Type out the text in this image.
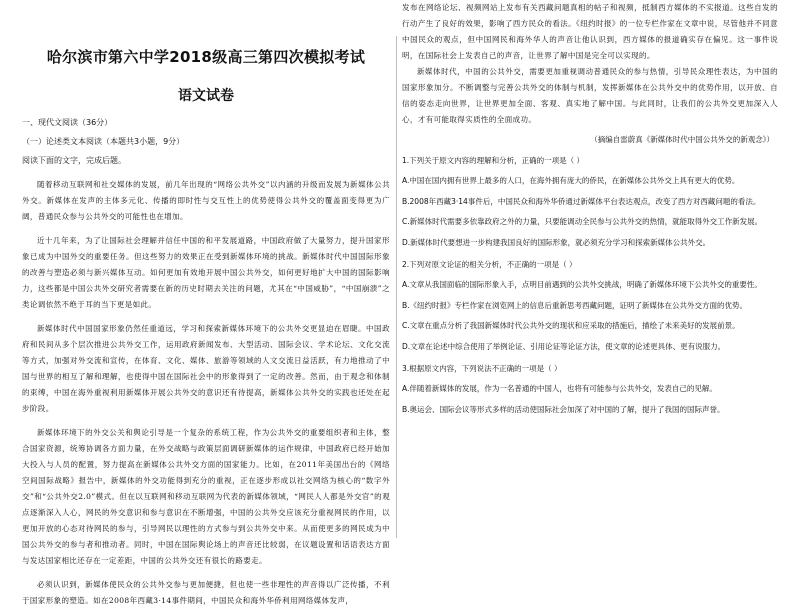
哈尔滨市第六中学2018级高三第四次模拟考试
语文试卷
一、现代文阅读（36分）
（一）论述类文本阅读（本题共3小题，9分）
阅读下面的文字，完成后题。

随着移动互联网和社交媒体的发展，前几年出现的“网络公共外交”以内涵的升级而发展为新媒体公共外交。新媒体在发声的主体多元化、传播的即时性与交互性上的优势使得公共外交的覆盖面变得更为广阔，普通民众参与公共外交的可能性也在增加。

近十几年来，为了让国际社会理解并信任中国的和平发展道路，中国政府做了大量努力，提升国家形象已成为中国外交的重要任务。但这些努力的效果正在受到新媒体环境的挑战。新媒体时代中国国际形象的改善与塑造必须与新兴媒体互动。如何更加有效地开展中国公共外交，如何更好地扩大中国的国际影响力，这些都是中国公共外交研究者需要在新的历史时期去关注的问题，尤其在“中国威胁”，“中国崩溃”之类论调依然不绝于耳的当下更是如此。

新媒体时代中国国家形象仍然任重道远，学习和探索新媒体环境下的公共外交更显迫在眉睫。中国政府和民间从多个层次推进公共外交工作，运用政府新闻发布、大型活动、国际会议、学术论坛、文化交流等方式，加强对外交流和宣传，在体育、文化、媒体、旅游等领域的人文交流日益活跃，有力地推动了中国与世界的相互了解和理解，也使得中国在国际社会中的形象得到了一定的改善。然而，由于观念和体制的束缚，中国在海外重视利用新媒体开展公共外交的意识还有待提高，新媒体公共外交的实践也还处在起步阶段。

新媒体环境下的外交公关和舆论引导是一个复杂的系统工程，作为公共外交的重要组织者和主体，整合国家资源，统筹协调各方面力量，在外交战略与政策层面调研新媒体的运作规律，中国政府已经开始加大投入与人员的配置，努力提高在新媒体公共外交方面的国家能力。比如，在2011年美国出台的《网络空间国际战略》报告中，新媒体的外交功能得到充分的重视，正在逐步形成以社交网络为核心的“数字外交”和“公共外交2.0”模式。但在以互联网和移动互联网为代表的新媒体领域，“网民人人都是外交官”的观点逐渐深入人心，网民的外交意识和参与意识在不断增强，中国的公共外交应该充分重视网民的作用，以更加开放的心态对待网民的参与，引导网民以理性的方式参与到公共外交中来。从而使更多的网民成为中国公共外交的参与者和推动者。同时，中国在国际舆论场上的声音还比较弱，在议题设置和话语表达方面与发达国家相比还存在一定差距，中国的公共外交还有很长的路要走。

必须认识到，新媒体使民众的公共外交参与更加便捷，但也使一些非理性的声音得以广泛传播，不利于国家形象的塑造。如在2008年西藏3·14事件期间，中国民众和海外华侨利用网络媒体发声，

发布在网络论坛、视频网站上发布有关西藏问题真相的帖子和视频，抵制西方媒体的不实报道。这些自发的行动产生了良好的效果，影响了西方民众的看法。《纽约时报》的一位专栏作家在文章中说，尽管他并不同意中国民众的观点，但中国网民和海外华人的声音让他认识到，西方媒体的报道确实存在偏见。这一事件说明，在国际社会上发表自己的声音，让世界了解中国是完全可以实现的。

新媒体时代，中国的公共外交，需要更加重视调动普通民众的参与热情，引导民众理性表达，为中国的国家形象加分。不断调整与完善公共外交的体制与机制，发挥新媒体在公共外交中的优势作用，以开放、自信的姿态走向世界，让世界更加全面、客观、真实地了解中国。与此同时，让我们的公共外交更加深入人心，才有可能取得实质性的全面成功。

（摘编自雷蔚真《新媒体时代中国公共外交的新观念》）
1.下列关于原文内容的理解和分析，正确的一项是（ ）
A.中国在国内拥有世界上最多的人口，在海外拥有庞大的侨民，在新媒体公共外交上具有更大的优势。
B.2008年西藏3·14事件后，中国民众和海外华侨通过新媒体平台表达观点，改变了西方对西藏问题的看法。
C.新媒体时代需要多依靠政府之外的力量，只要能调动全民参与公共外交的热情，就能取得外交工作新发展。
D.新媒体时代要想进一步构建我国良好的国际形象，就必须充分学习和探索新媒体公共外交。
2.下列对原文论证的相关分析，不正确的一项是（ ）
A.文章从我国面临的国际形象入手，点明目前遇到的公共外交挑战，明确了新媒体环境下公共外交的重要性。
B.《纽约时报》专栏作家在浏览网上的信息后重新思考西藏问题，证明了新媒体在公共外交方面的优势。
C.文章在重点分析了我国新媒体时代公共外交的现状和应采取的措施后，描绘了未来美好的发展前景。
D.文章在论述中综合使用了举例论证、引用论证等论证方法，使文章的论述更具体、更有说服力。
3.根据原文内容，下列说法不正确的一项是（ ）
A.伴随着新媒体的发展，作为一名普通的中国人，也将有可能参与公共外交，发表自己的见解。
B.奥运会、国际会议等形式多样的活动使国际社会加深了对中国的了解，提升了我国的国际声誉。
